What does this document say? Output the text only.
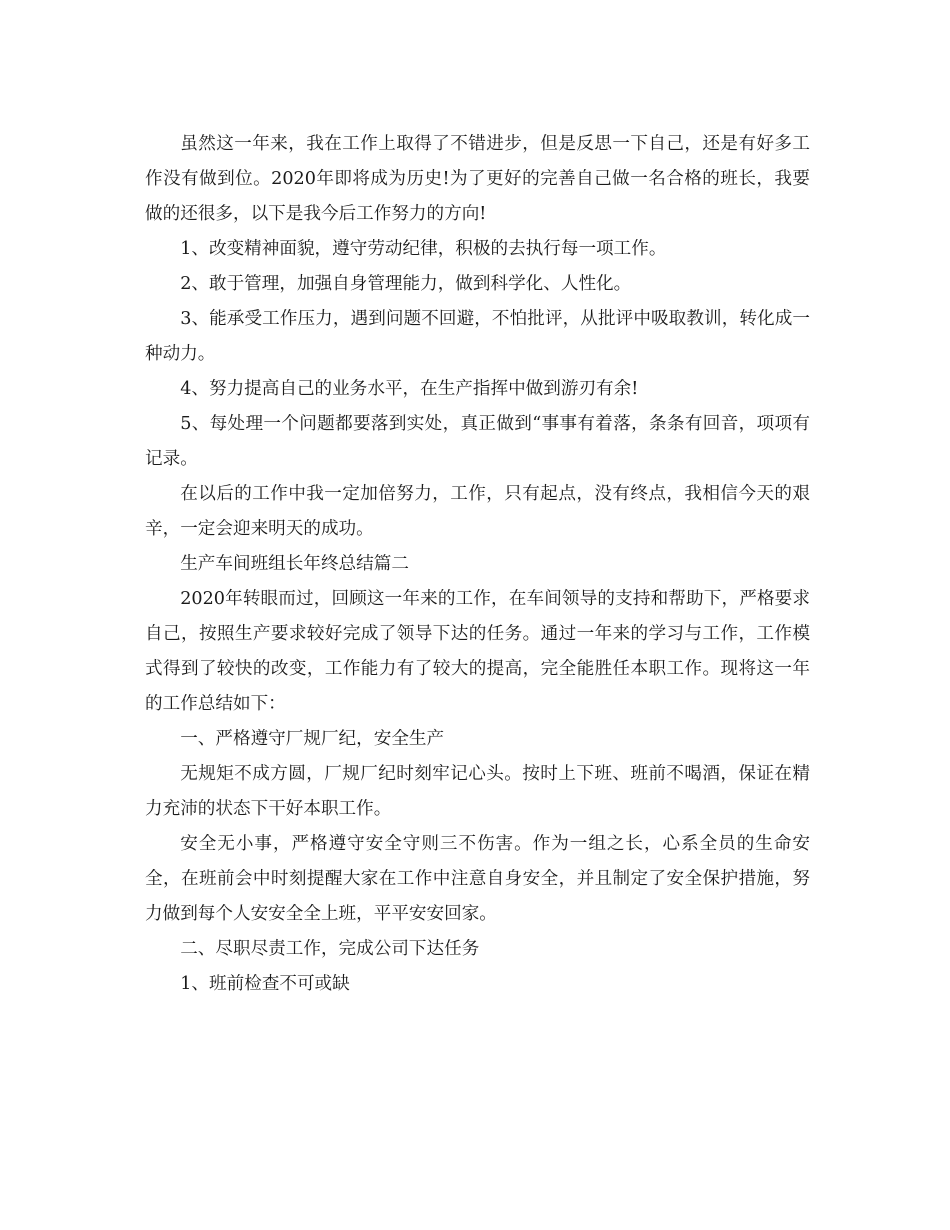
虽然这一年来，我在工作上取得了不错进步，但是反思一下自己，还是有好多工作没有做到位。2020年即将成为历史!为了更好的完善自己做一名合格的班长，我要做的还很多，以下是我今后工作努力的方向!

1、改变精神面貌，遵守劳动纪律，积极的去执行每一项工作。

2、敢于管理，加强自身管理能力，做到科学化、人性化。

3、能承受工作压力，遇到问题不回避，不怕批评，从批评中吸取教训，转化成一种动力。

4、努力提高自己的业务水平，在生产指挥中做到游刃有余!

5、每处理一个问题都要落到实处，真正做到“事事有着落，条条有回音，项项有记录。

在以后的工作中我一定加倍努力，工作，只有起点，没有终点，我相信今天的艰辛，一定会迎来明天的成功。

生产车间班组长年终总结篇二

2020年转眼而过，回顾这一年来的工作，在车间领导的支持和帮助下，严格要求自己，按照生产要求较好完成了领导下达的任务。通过一年来的学习与工作，工作模式得到了较快的改变，工作能力有了较大的提高，完全能胜任本职工作。现将这一年的工作总结如下：

一、严格遵守厂规厂纪，安全生产

无规矩不成方圆，厂规厂纪时刻牢记心头。按时上下班、班前不喝酒，保证在精力充沛的状态下干好本职工作。

安全无小事，严格遵守安全守则三不伤害。作为一组之长，心系全员的生命安全，在班前会中时刻提醒大家在工作中注意自身安全，并且制定了安全保护措施，努力做到每个人安安全全上班，平平安安回家。

二、尽职尽责工作，完成公司下达任务

1、班前检查不可或缺
